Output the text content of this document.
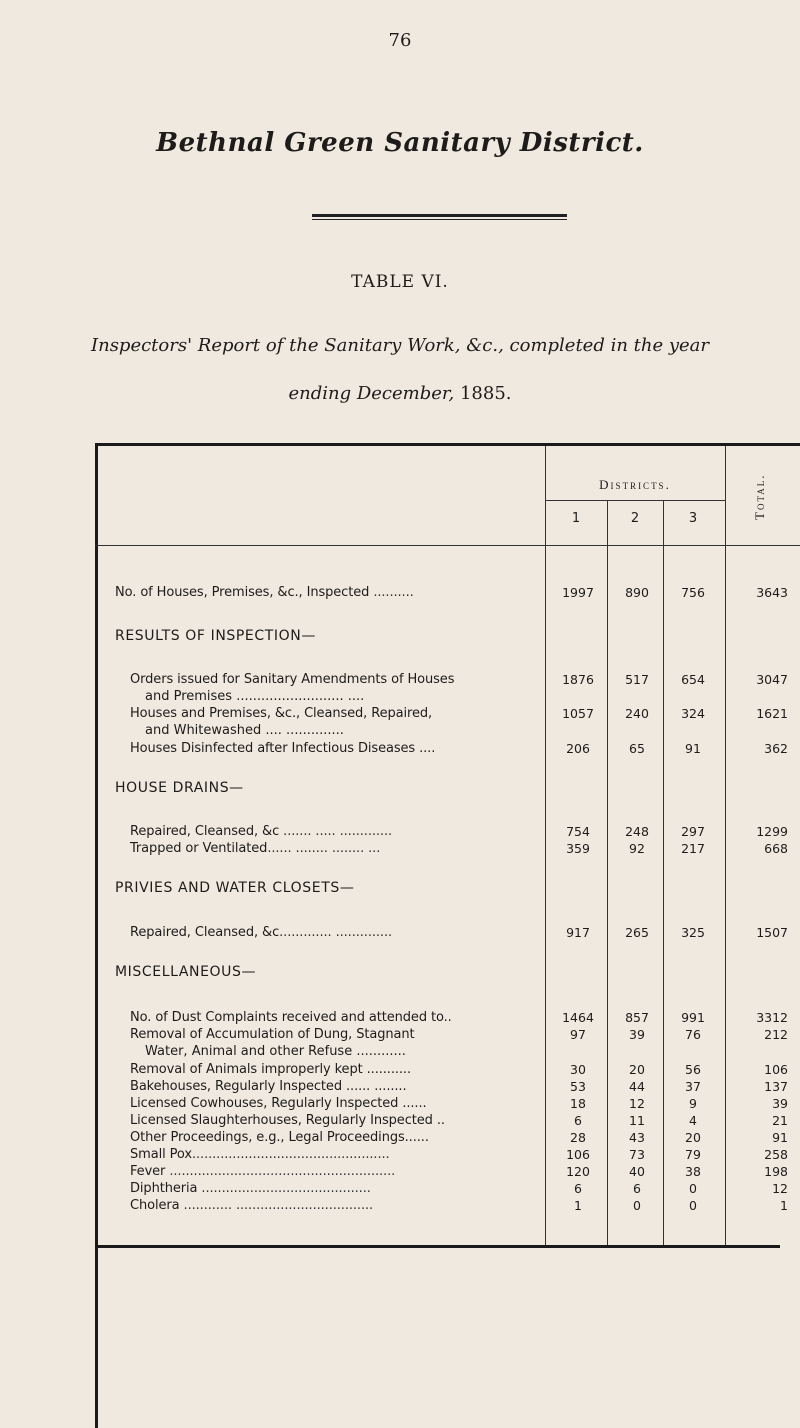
76
Bethnal Green Sanitary District.
TABLE VI.
Inspectors' Report of the Sanitary Work, &c., completed in the year
ending December, 1885.
Districts.	Total.
1	2	3
No. of Houses, Premises, &c., Inspected ..........	1997	890	756	3643
RESULTS OF INSPECTION—
Orders issued for Sanitary Amendments of Houses	1876	517	654	3047
and Premises .......................... ....
Houses and Premises, &c., Cleansed, Repaired,	1057	240	324	1621
and Whitewashed .... ..............
Houses Disinfected after Infectious Diseases ....	206	65	91	362
HOUSE DRAINS—
Repaired, Cleansed, &c ....... ..... .............	754	248	297	1299
Trapped or Ventilated...... ........ ........ ...	359	92	217	668
PRIVIES AND WATER CLOSETS—
Repaired, Cleansed, &c............. ..............	917	265	325	1507
MISCELLANEOUS—
No. of Dust Complaints received and attended to..	1464	857	991	3312
Removal of Accumulation of Dung, Stagnant	97	39	76	212
Water, Animal and other Refuse ............
Removal of Animals improperly kept ...........	30	20	56	106
Bakehouses, Regularly Inspected ...... ........	53	44	37	137
Licensed Cowhouses, Regularly Inspected ......	18	12	9	39
Licensed Slaughterhouses, Regularly Inspected ..	6	11	4	21
Other Proceedings, e.g., Legal Proceedings......	28	43	20	91
Small Pox.................................................	106	73	79	258
Fever ........................................................	120	40	38	198
Diphtheria ..........................................	6	6	0	12
Cholera ............ ..................................	1	0	0	1
